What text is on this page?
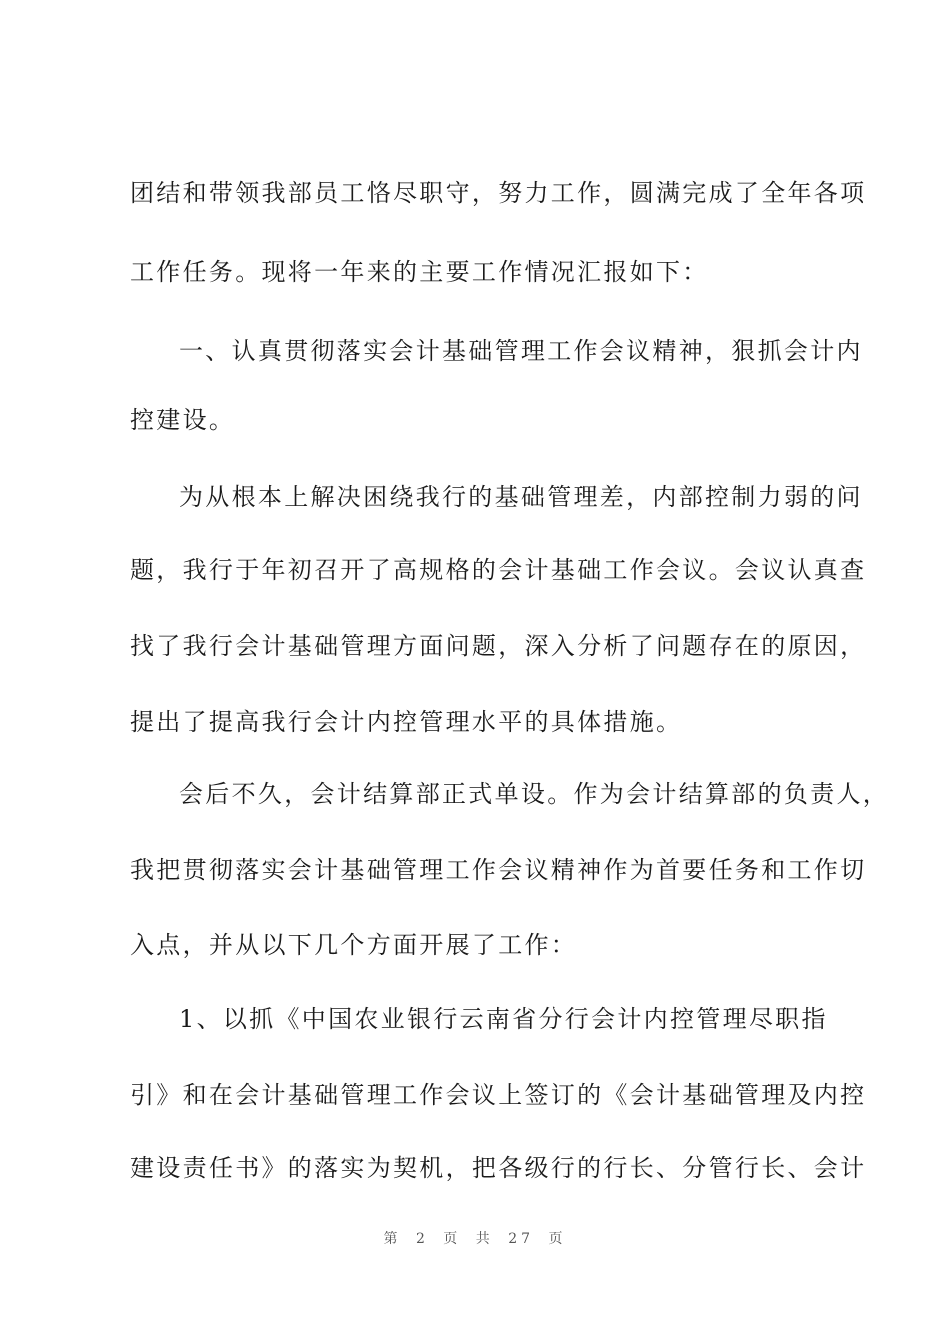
团结和带领我部员工恪尽职守，努力工作，圆满完成了全年各项
工作任务。现将一年来的主要工作情况汇报如下：
一、认真贯彻落实会计基础管理工作会议精神，狠抓会计内
控建设。
为从根本上解决困绕我行的基础管理差，内部控制力弱的问
题，我行于年初召开了高规格的会计基础工作会议。会议认真查
找了我行会计基础管理方面问题，深入分析了问题存在的原因，
提出了提高我行会计内控管理水平的具体措施。
会后不久，会计结算部正式单设。作为会计结算部的负责人，
我把贯彻落实会计基础管理工作会议精神作为首要任务和工作切
入点，并从以下几个方面开展了工作：
1、以抓《中国农业银行云南省分行会计内控管理尽职指
引》和在会计基础管理工作会议上签订的《会计基础管理及内控
建设责任书》的落实为契机，把各级行的行长、分管行长、会计
第 2 页 共 27 页
